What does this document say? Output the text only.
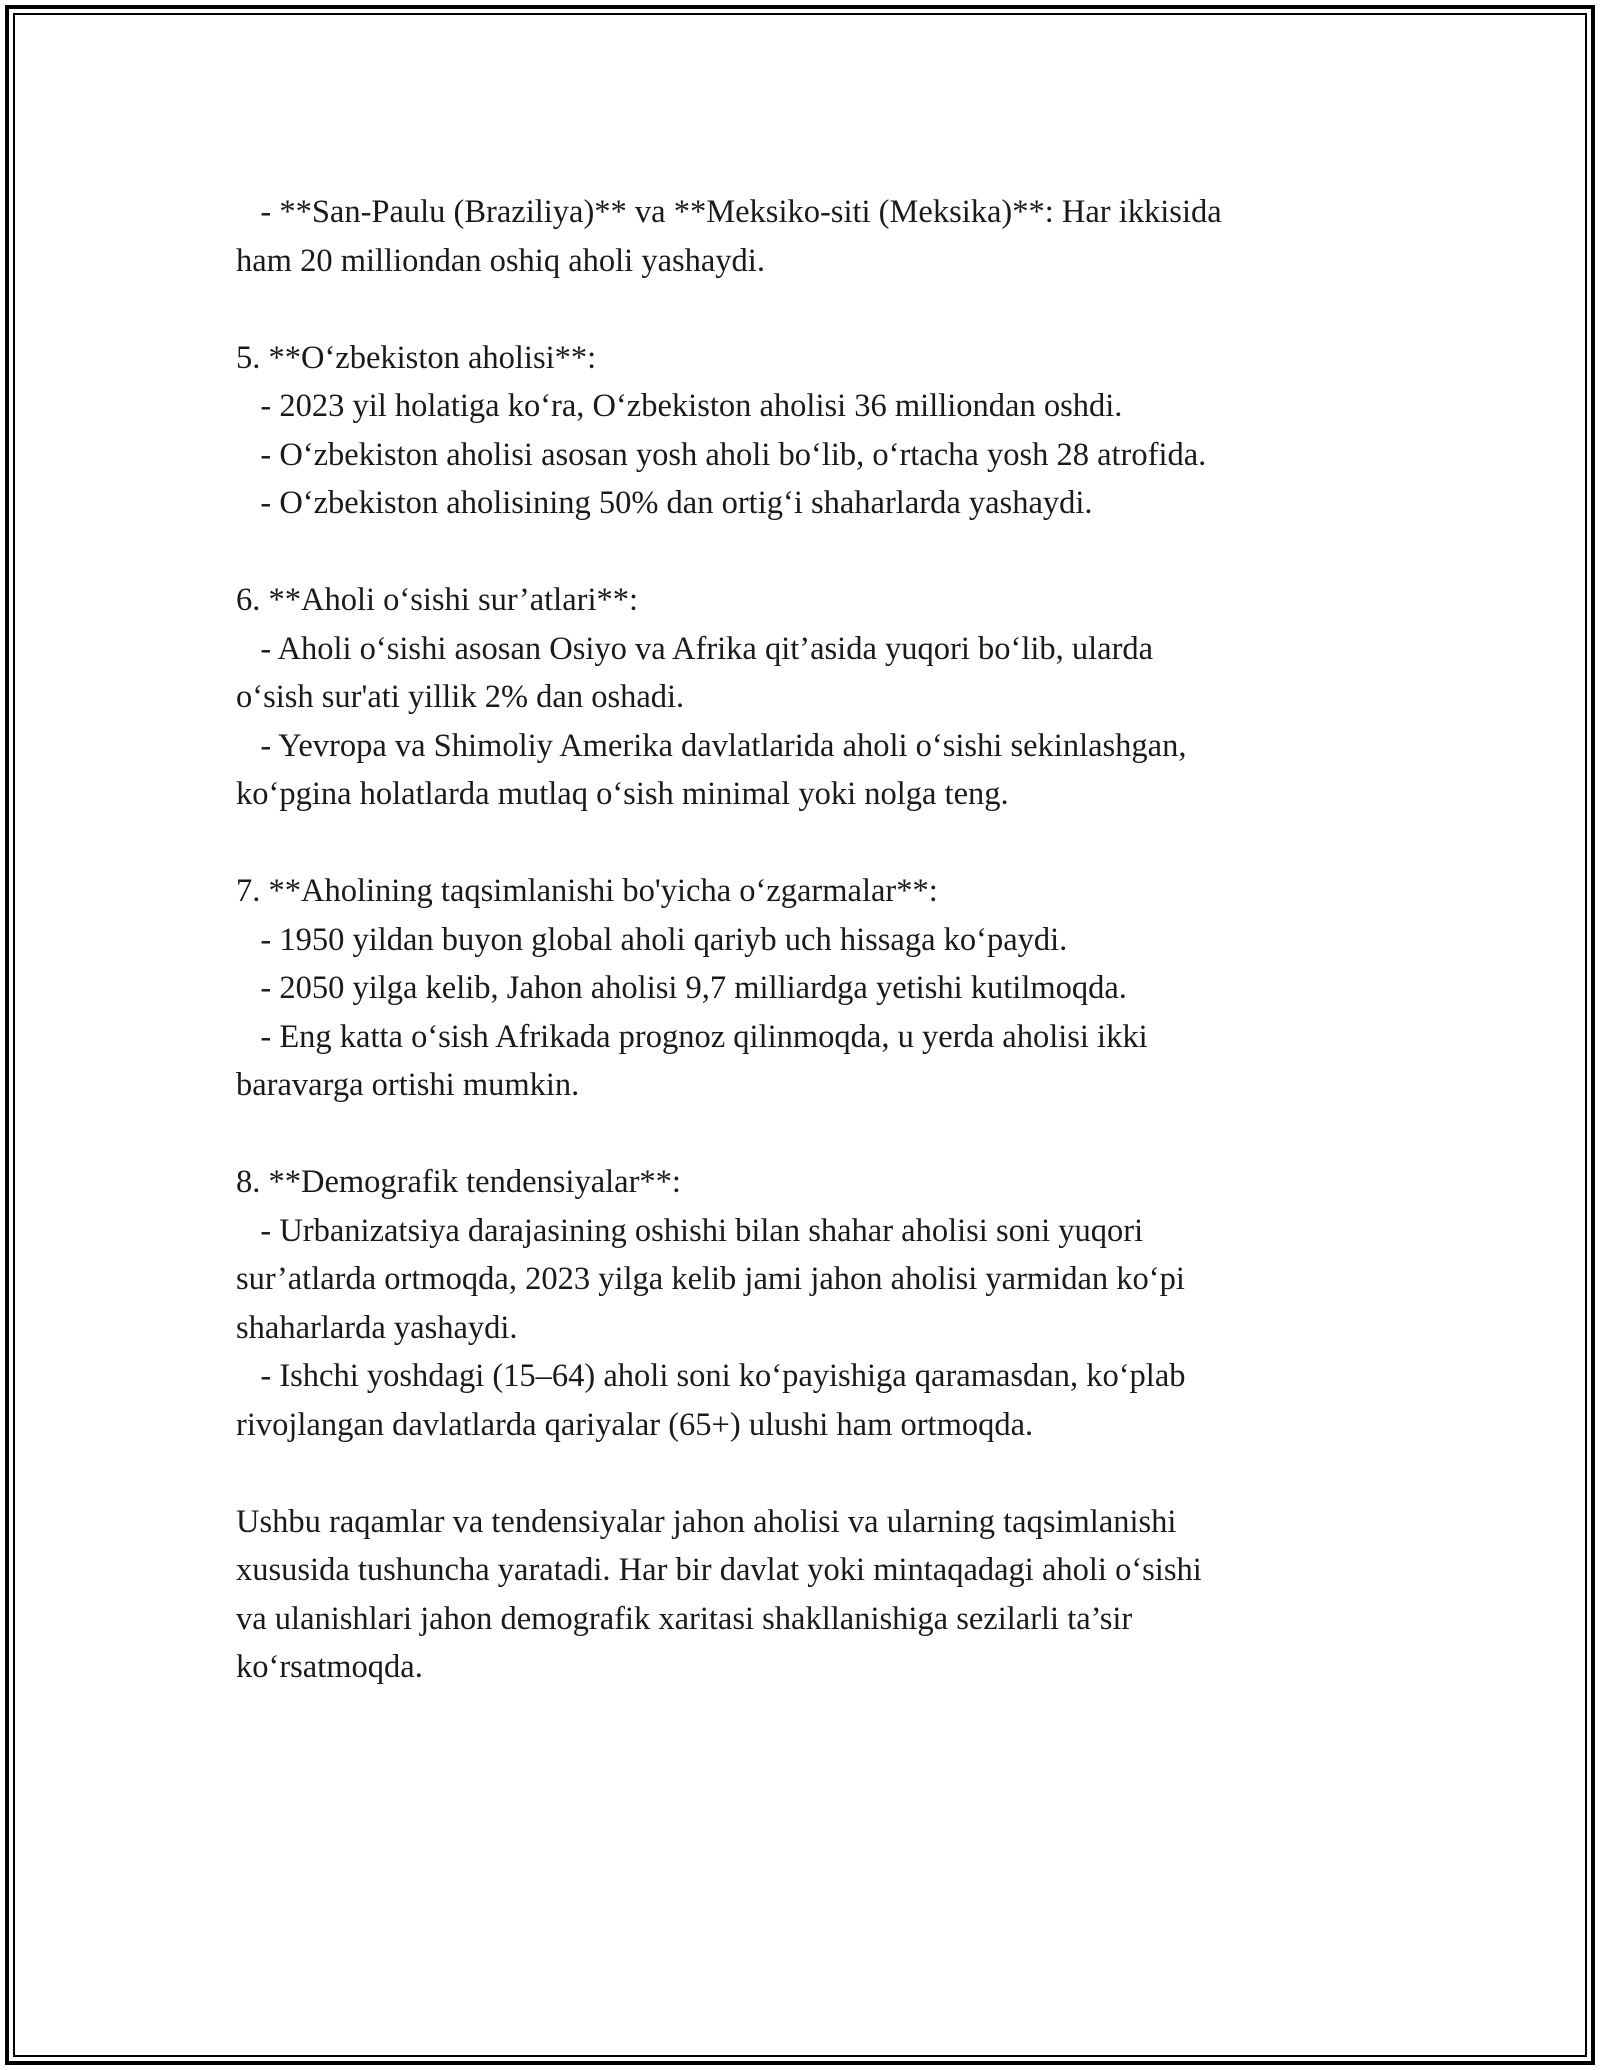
- **San-Paulu (Braziliya)** va **Meksiko-siti (Meksika)**: Har ikkisida
ham 20 milliondan oshiq aholi yashaydi.
5. **O‘zbekiston aholisi**:
- 2023 yil holatiga ko‘ra, O‘zbekiston aholisi 36 milliondan oshdi.
- O‘zbekiston aholisi asosan yosh aholi bo‘lib, o‘rtacha yosh 28 atrofida.
- O‘zbekiston aholisining 50% dan ortig‘i shaharlarda yashaydi.
6. **Aholi o‘sishi sur’atlari**:
- Aholi o‘sishi asosan Osiyo va Afrika qit’asida yuqori bo‘lib, ularda
o‘sish sur'ati yillik 2% dan oshadi.
- Yevropa va Shimoliy Amerika davlatlarida aholi o‘sishi sekinlashgan,
ko‘pgina holatlarda mutlaq o‘sish minimal yoki nolga teng.
7. **Aholining taqsimlanishi bo'yicha o‘zgarmalar**:
- 1950 yildan buyon global aholi qariyb uch hissaga ko‘paydi.
- 2050 yilga kelib, Jahon aholisi 9,7 milliardga yetishi kutilmoqda.
- Eng katta o‘sish Afrikada prognoz qilinmoqda, u yerda aholisi ikki
baravarga ortishi mumkin.
8. **Demografik tendensiyalar**:
- Urbanizatsiya darajasining oshishi bilan shahar aholisi soni yuqori
sur’atlarda ortmoqda, 2023 yilga kelib jami jahon aholisi yarmidan ko‘pi
shaharlarda yashaydi.
- Ishchi yoshdagi (15–64) aholi soni ko‘payishiga qaramasdan, ko‘plab
rivojlangan davlatlarda qariyalar (65+) ulushi ham ortmoqda.
Ushbu raqamlar va tendensiyalar jahon aholisi va ularning taqsimlanishi
xususida tushuncha yaratadi. Har bir davlat yoki mintaqadagi aholi o‘sishi
va ulanishlari jahon demografik xaritasi shakllanishiga sezilarli ta’sir
ko‘rsatmoqda.
